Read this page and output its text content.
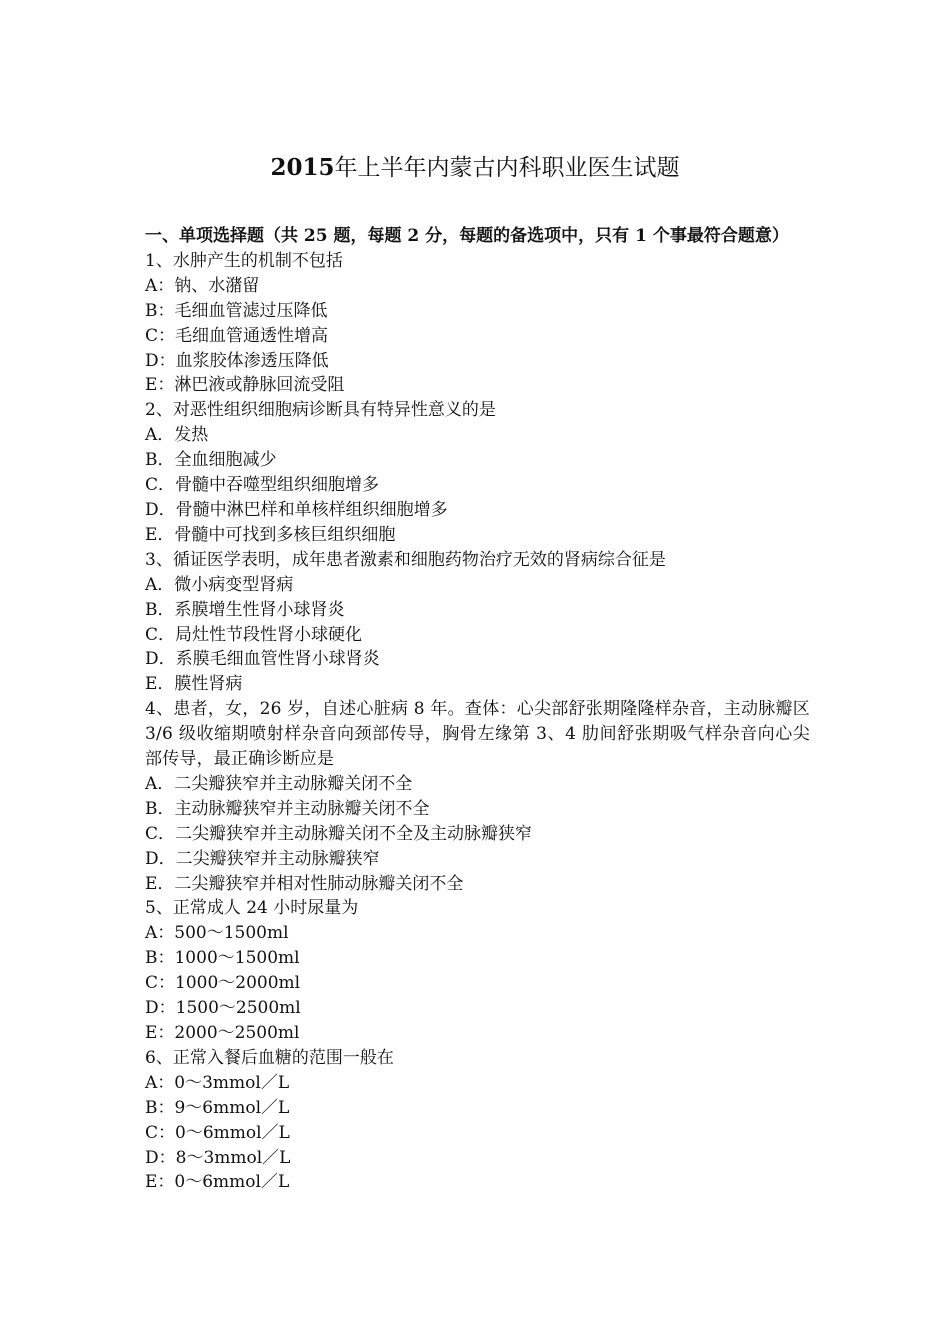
2015年上半年内蒙古内科职业医生试题

一、单项选择题（共 25 题，每题 2 分，每题的备选项中，只有 1 个事最符合题意）

1、水肿产生的机制不包括

A：钠、水潴留

B：毛细血管滤过压降低

C：毛细血管通透性增高

D：血浆胶体渗透压降低

E：淋巴液或静脉回流受阻

2、对恶性组织细胞病诊断具有特异性意义的是

A．发热

B．全血细胞减少

C．骨髓中吞噬型组织细胞增多

D．骨髓中淋巴样和单核样组织细胞增多

E．骨髓中可找到多核巨组织细胞

3、循证医学表明，成年患者激素和细胞药物治疗无效的肾病综合征是

A．微小病变型肾病

B．系膜增生性肾小球肾炎

C．局灶性节段性肾小球硬化

D．系膜毛细血管性肾小球肾炎

E．膜性肾病

4、患者，女，26 岁，自述心脏病 8 年。查体：心尖部舒张期隆隆样杂音，主动脉瓣区 3/6 级收缩期喷射样杂音向颈部传导，胸骨左缘第 3、4 肋间舒张期吸气样杂音向心尖部传导，最正确诊断应是

A．二尖瓣狭窄并主动脉瓣关闭不全

B．主动脉瓣狭窄并主动脉瓣关闭不全

C．二尖瓣狭窄并主动脉瓣关闭不全及主动脉瓣狭窄

D．二尖瓣狭窄并主动脉瓣狭窄

E．二尖瓣狭窄并相对性肺动脉瓣关闭不全

5、正常成人 24 小时尿量为

A：500～1500ml

B：1000～1500ml

C：1000～2000ml

D：1500～2500ml

E：2000～2500ml

6、正常入餐后血糖的范围一般在

A：0～3mmol／L

B：9～6mmol／L

C：0～6mmol／L

D：8～3mmol／L

E：0～6mmol／L
